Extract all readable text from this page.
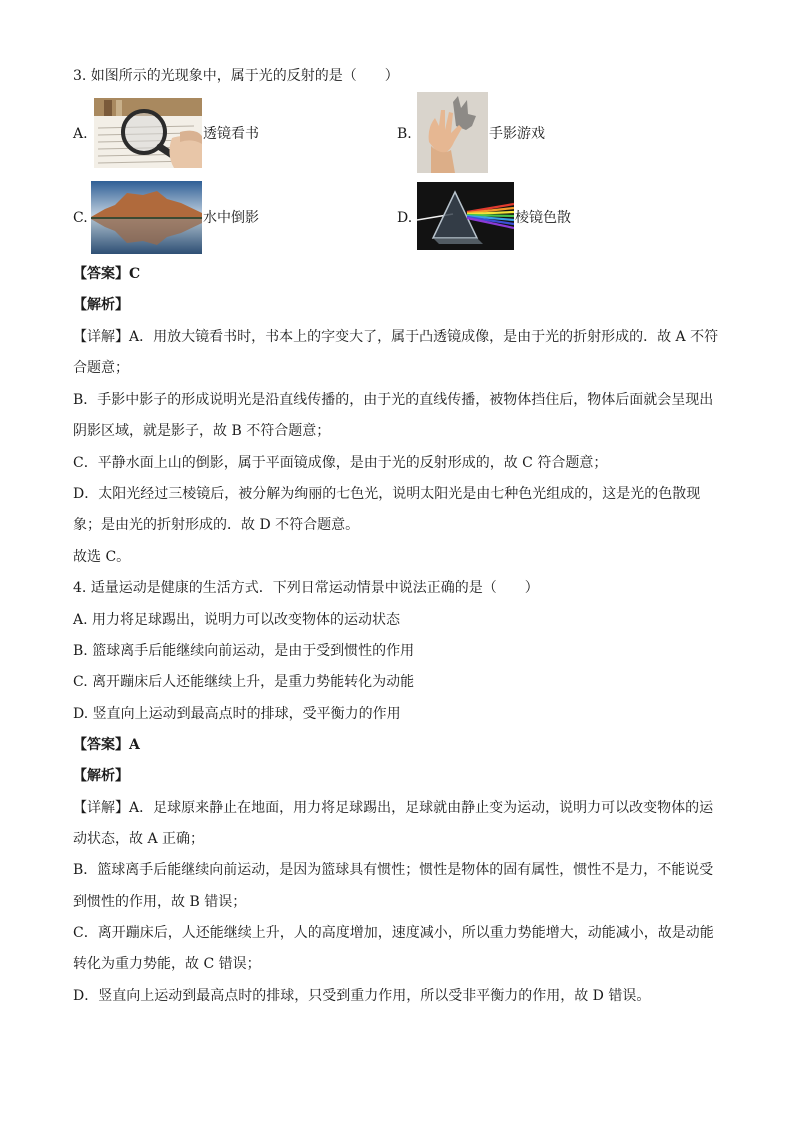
3. 如图所示的光现象中，属于光的反射的是（　　）
A.	透镜看书	B.	手影游戏
C.	水中倒影	D.	棱镜色散
【答案】C
【解析】
【详解】A．用放大镜看书时，书本上的字变大了，属于凸透镜成像，是由于光的折射形成的．故 A 不符
合题意；
B．手影中影子的形成说明光是沿直线传播的，由于光的直线传播，被物体挡住后，物体后面就会呈现出
阴影区域，就是影子，故 B 不符合题意；
C．平静水面上山的倒影，属于平面镜成像，是由于光的反射形成的，故 C 符合题意；
D．太阳光经过三棱镜后，被分解为绚丽的七色光，说明太阳光是由七种色光组成的，这是光的色散现
象；是由光的折射形成的．故 D 不符合题意。
故选 C。
4. 适量运动是健康的生活方式．下列日常运动情景中说法正确的是（　　）
A. 用力将足球踢出，说明力可以改变物体的运动状态
B. 篮球离手后能继续向前运动，是由于受到惯性的作用
C. 离开蹦床后人还能继续上升，是重力势能转化为动能
D. 竖直向上运动到最高点时的排球，受平衡力的作用
【答案】A
【解析】
【详解】A．足球原来静止在地面，用力将足球踢出，足球就由静止变为运动，说明力可以改变物体的运
动状态，故 A 正确；
B．篮球离手后能继续向前运动，是因为篮球具有惯性；惯性是物体的固有属性，惯性不是力，不能说受
到惯性的作用，故 B 错误；
C．离开蹦床后，人还能继续上升，人的高度增加，速度减小，所以重力势能增大，动能减小，故是动能
转化为重力势能，故 C 错误；
D．竖直向上运动到最高点时的排球，只受到重力作用，所以受非平衡力的作用，故 D 错误。
